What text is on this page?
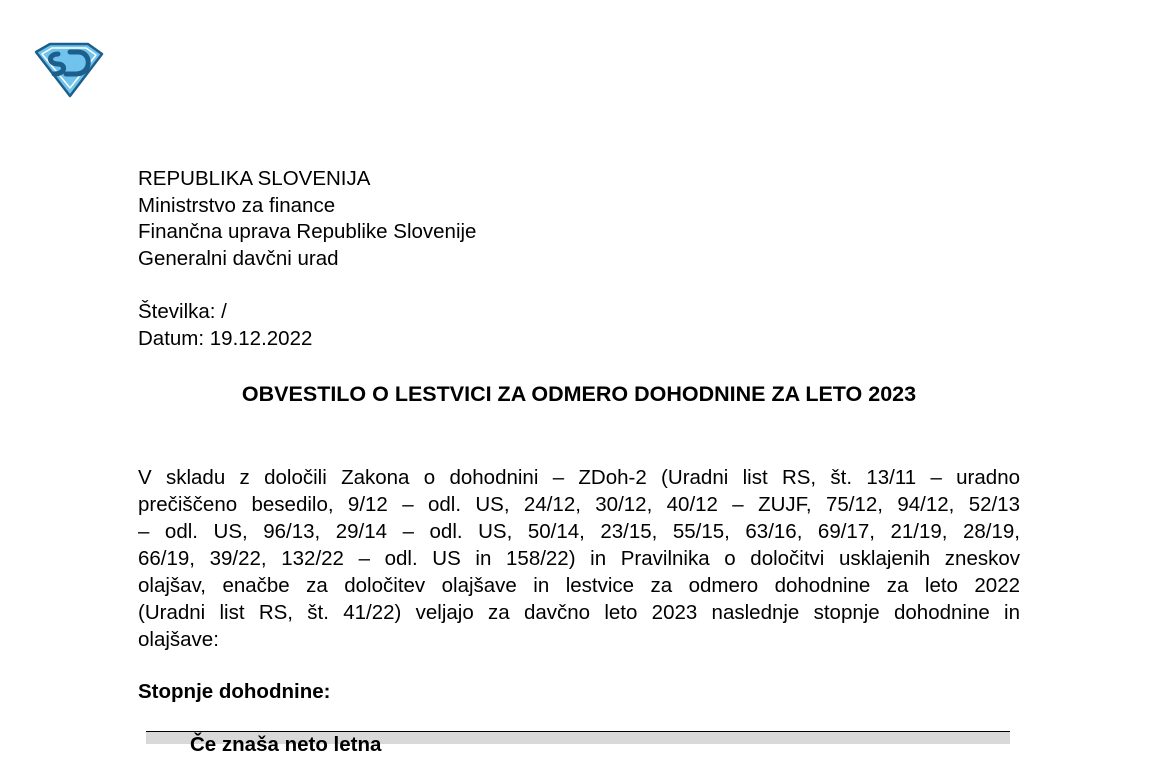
REPUBLIKA SLOVENIJA
Ministrstvo za finance
Finančna uprava Republike Slovenije
Generalni davčni urad
Številka: /
Datum: 19.12.2022
OBVESTILO O LESTVICI ZA ODMERO DOHODNINE ZA LETO 2023
V skladu z določili Zakona o dohodnini – ZDoh-2 (Uradni list RS, št. 13/11 – uradno
prečiščeno besedilo, 9/12 – odl. US, 24/12, 30/12, 40/12 – ZUJF, 75/12, 94/12, 52/13
– odl. US, 96/13, 29/14 – odl. US, 50/14, 23/15, 55/15, 63/16, 69/17, 21/19, 28/19,
66/19, 39/22, 132/22 – odl. US in 158/22) in Pravilnika o določitvi usklajenih zneskov
olajšav, enačbe za določitev olajšave in lestvice za odmero dohodnine za leto 2022
(Uradni list RS, št. 41/22) veljajo za davčno leto 2023 naslednje stopnje dohodnine in
olajšave:
Stopnje dohodnine:
Če znaša neto letna
